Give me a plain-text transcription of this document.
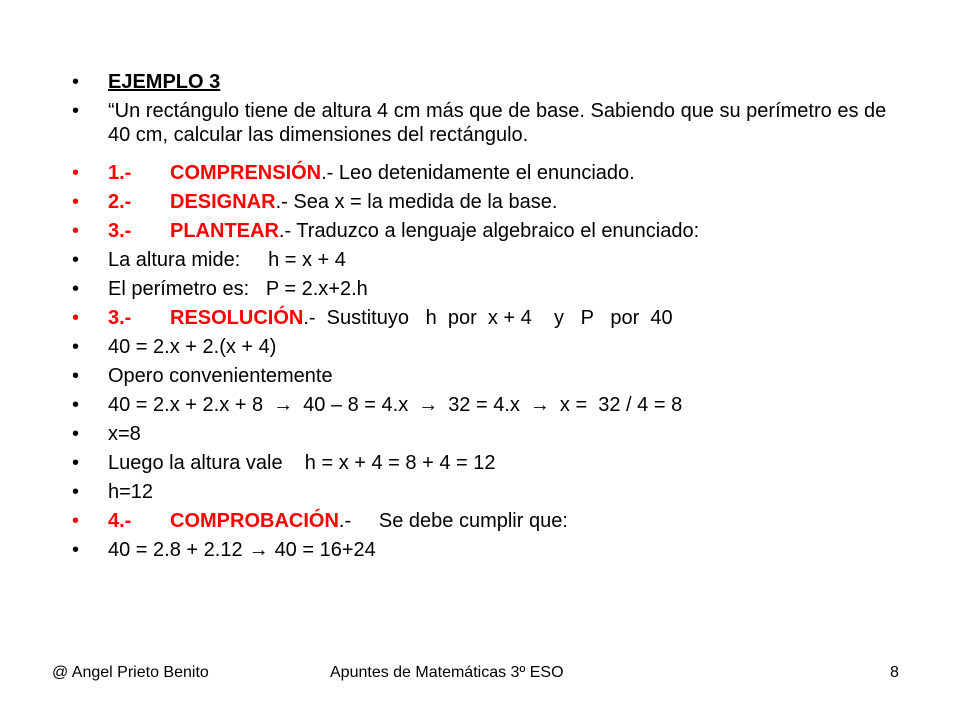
•	EJEMPLO 3
•	“Un rectángulo tiene de altura 4 cm más que de base. Sabiendo que su perímetro es de 40 cm, calcular las dimensiones del rectángulo.
•	1.- COMPRENSIÓN.- Leo detenidamente el enunciado.
•	2.- DESIGNAR.- Sea x = la medida de la base.
•	3.- PLANTEAR.- Traduzco a lenguaje algebraico el enunciado:
•	La altura mide:     h = x + 4
•	El perímetro es:   P = 2.x+2.h
•	3.- RESOLUCIÓN.-  Sustituyo   h  por  x + 4    y   P   por  40
•	40 = 2.x + 2.(x + 4)
•	Opero convenientemente
•	40 = 2.x + 2.x + 8 → 40 – 8 = 4.x → 32 = 4.x → x =  32 / 4 = 8
•	x=8
•	Luego la altura vale    h = x + 4 = 8 + 4 = 12
•	h=12
•	4.- COMPROBACIÓN.-     Se debe cumplir que:
•	40 = 2.8 + 2.12 → 40 = 16+24
@ Angel Prieto Benito	Apuntes de Matemáticas 3º ESO	8
